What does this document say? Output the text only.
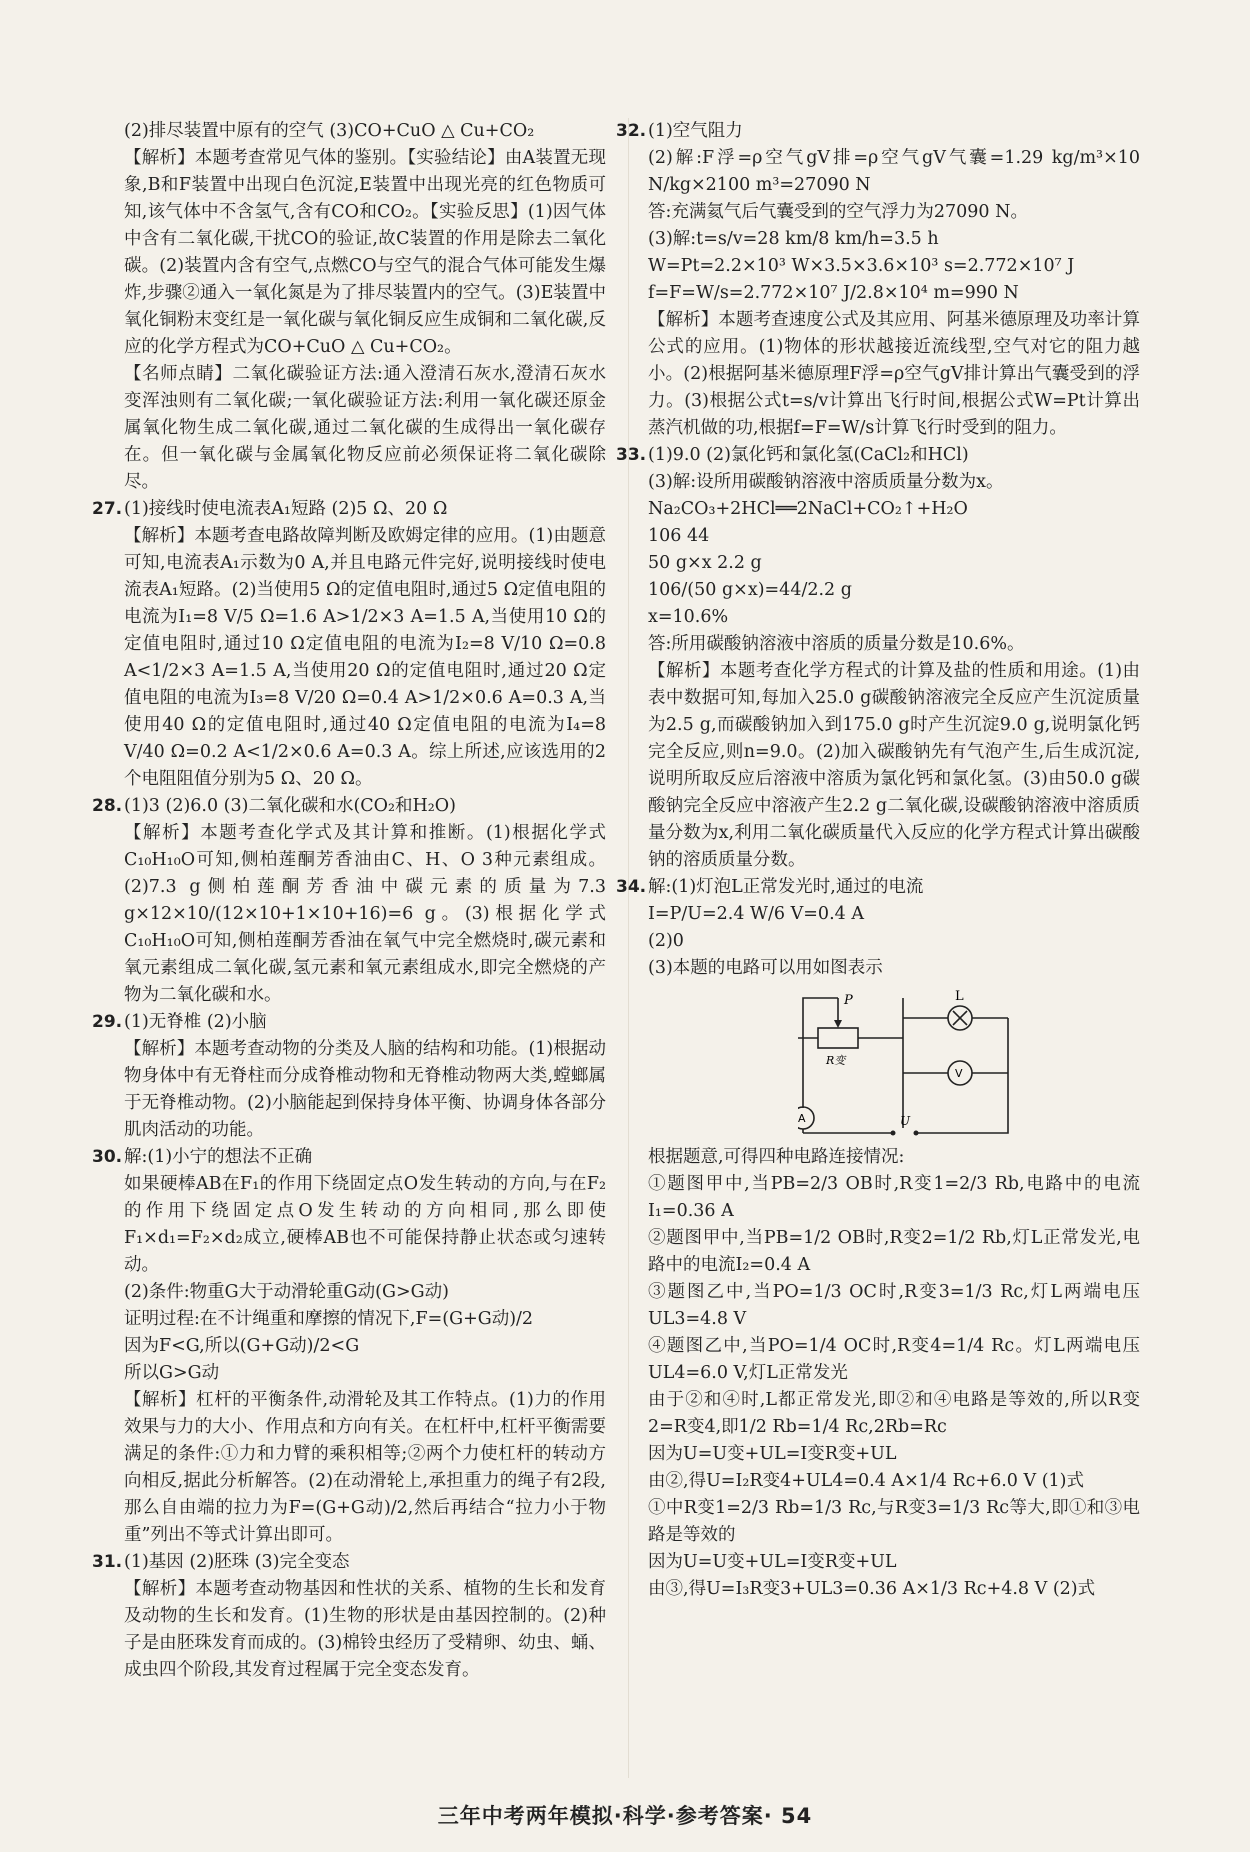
(2)排尽装置中原有的空气 (3)CO+CuO △ Cu+CO₂

【解析】本题考查常见气体的鉴别。【实验结论】由A装置无现象,B和F装置中出现白色沉淀,E装置中出现光亮的红色物质可知,该气体中不含氢气,含有CO和CO₂。【实验反思】(1)因气体中含有二氧化碳,干扰CO的验证,故C装置的作用是除去二氧化碳。(2)装置内含有空气,点燃CO与空气的混合气体可能发生爆炸,步骤②通入一氧化氮是为了排尽装置内的空气。(3)E装置中氧化铜粉末变红是一氧化碳与氧化铜反应生成铜和二氧化碳,反应的化学方程式为CO+CuO △ Cu+CO₂。

【名师点睛】二氧化碳验证方法:通入澄清石灰水,澄清石灰水变浑浊则有二氧化碳;一氧化碳验证方法:利用一氧化碳还原金属氧化物生成二氧化碳,通过二氧化碳的生成得出一氧化碳存在。但一氧化碳与金属氧化物反应前必须保证将二氧化碳除尽。

27. (1)接线时使电流表A₁短路 (2)5 Ω、20 Ω

【解析】本题考查电路故障判断及欧姆定律的应用。(1)由题意可知,电流表A₁示数为0 A,并且电路元件完好,说明接线时使电流表A₁短路。(2)当使用5 Ω的定值电阻时,通过5 Ω定值电阻的电流为I₁=8 V/5 Ω=1.6 A>1/2×3 A=1.5 A,当使用10 Ω的定值电阻时,通过10 Ω定值电阻的电流为I₂=8 V/10 Ω=0.8 A<1/2×3 A=1.5 A,当使用20 Ω的定值电阻时,通过20 Ω定值电阻的电流为I₃=8 V/20 Ω=0.4 A>1/2×0.6 A=0.3 A,当使用40 Ω的定值电阻时,通过40 Ω定值电阻的电流为I₄=8 V/40 Ω=0.2 A<1/2×0.6 A=0.3 A。综上所述,应该选用的2个电阻阻值分别为5 Ω、20 Ω。

28. (1)3 (2)6.0 (3)二氧化碳和水(CO₂和H₂O)

【解析】本题考查化学式及其计算和推断。(1)根据化学式C₁₀H₁₀O可知,侧柏莲酮芳香油由C、H、O 3种元素组成。(2)7.3 g侧柏莲酮芳香油中碳元素的质量为7.3 g×12×10/(12×10+1×10+16)=6 g。(3)根据化学式C₁₀H₁₀O可知,侧柏莲酮芳香油在氧气中完全燃烧时,碳元素和氧元素组成二氧化碳,氢元素和氧元素组成水,即完全燃烧的产物为二氧化碳和水。

29. (1)无脊椎 (2)小脑

【解析】本题考查动物的分类及人脑的结构和功能。(1)根据动物身体中有无脊柱而分成脊椎动物和无脊椎动物两大类,螳螂属于无脊椎动物。(2)小脑能起到保持身体平衡、协调身体各部分肌肉活动的功能。

30. 解:(1)小宁的想法不正确

如果硬棒AB在F₁的作用下绕固定点O发生转动的方向,与在F₂的作用下绕固定点O发生转动的方向相同,那么即使F₁×d₁=F₂×d₂成立,硬棒AB也不可能保持静止状态或匀速转动。

(2)条件:物重G大于动滑轮重G动(G>G动)

证明过程:在不计绳重和摩擦的情况下,F=(G+G动)/2

因为F<G,所以(G+G动)/2<G

所以G>G动

【解析】杠杆的平衡条件,动滑轮及其工作特点。(1)力的作用效果与力的大小、作用点和方向有关。在杠杆中,杠杆平衡需要满足的条件:①力和力臂的乘积相等;②两个力使杠杆的转动方向相反,据此分析解答。(2)在动滑轮上,承担重力的绳子有2段,那么自由端的拉力为F=(G+G动)/2,然后再结合“拉力小于物重”列出不等式计算出即可。

31. (1)基因 (2)胚珠 (3)完全变态

【解析】本题考查动物基因和性状的关系、植物的生长和发育及动物的生长和发育。(1)生物的形状是由基因控制的。(2)种子是由胚珠发育而成的。(3)棉铃虫经历了受精卵、幼虫、蛹、成虫四个阶段,其发育过程属于完全变态发育。

32. (1)空气阻力

(2)解:F浮=ρ空气gV排=ρ空气gV气囊=1.29 kg/m³×10 N/kg×2100 m³=27090 N

答:充满氦气后气囊受到的空气浮力为27090 N。

(3)解:t=s/v=28 km/8 km/h=3.5 h

W=Pt=2.2×10³ W×3.5×3.6×10³ s=2.772×10⁷ J

f=F=W/s=2.772×10⁷ J/2.8×10⁴ m=990 N

【解析】本题考查速度公式及其应用、阿基米德原理及功率计算公式的应用。(1)物体的形状越接近流线型,空气对它的阻力越小。(2)根据阿基米德原理F浮=ρ空气gV排计算出气囊受到的浮力。(3)根据公式t=s/v计算出飞行时间,根据公式W=Pt计算出蒸汽机做的功,根据f=F=W/s计算飞行时受到的阻力。

33. (1)9.0 (2)氯化钙和氯化氢(CaCl₂和HCl)

(3)解:设所用碳酸钠溶液中溶质质量分数为x。

Na₂CO₃+2HCl══2NaCl+CO₂↑+H₂O

106 44

50 g×x 2.2 g

106/(50 g×x)=44/2.2 g

x=10.6%

答:所用碳酸钠溶液中溶质的质量分数是10.6%。

【解析】本题考查化学方程式的计算及盐的性质和用途。(1)由表中数据可知,每加入25.0 g碳酸钠溶液完全反应产生沉淀质量为2.5 g,而碳酸钠加入到175.0 g时产生沉淀9.0 g,说明氯化钙完全反应,则n=9.0。(2)加入碳酸钠先有气泡产生,后生成沉淀,说明所取反应后溶液中溶质为氯化钙和氯化氢。(3)由50.0 g碳酸钠完全反应中溶液产生2.2 g二氧化碳,设碳酸钠溶液中溶质质量分数为x,利用二氧化碳质量代入反应的化学方程式计算出碳酸钠的溶质质量分数。

34. 解:(1)灯泡L正常发光时,通过的电流

I=P/U=2.4 W/6 V=0.4 A

(2)0

(3)本题的电路可以用如图表示

P
R变
L
A
V
U

根据题意,可得四种电路连接情况:

①题图甲中,当PB=2/3 OB时,R变1=2/3 Rb,电路中的电流I₁=0.36 A

②题图甲中,当PB=1/2 OB时,R变2=1/2 Rb,灯L正常发光,电路中的电流I₂=0.4 A

③题图乙中,当PO=1/3 OC时,R变3=1/3 Rc,灯L两端电压UL3=4.8 V

④题图乙中,当PO=1/4 OC时,R变4=1/4 Rc。灯L两端电压UL4=6.0 V,灯L正常发光

由于②和④时,L都正常发光,即②和④电路是等效的,所以R变2=R变4,即1/2 Rb=1/4 Rc,2Rb=Rc

因为U=U变+UL=I变R变+UL

由②,得U=I₂R变4+UL4=0.4 A×1/4 Rc+6.0 V (1)式

①中R变1=2/3 Rb=1/3 Rc,与R变3=1/3 Rc等大,即①和③电路是等效的

因为U=U变+UL=I变R变+UL

由③,得U=I₃R变3+UL3=0.36 A×1/3 Rc+4.8 V (2)式

三年中考两年模拟·科学·参考答案· 54
